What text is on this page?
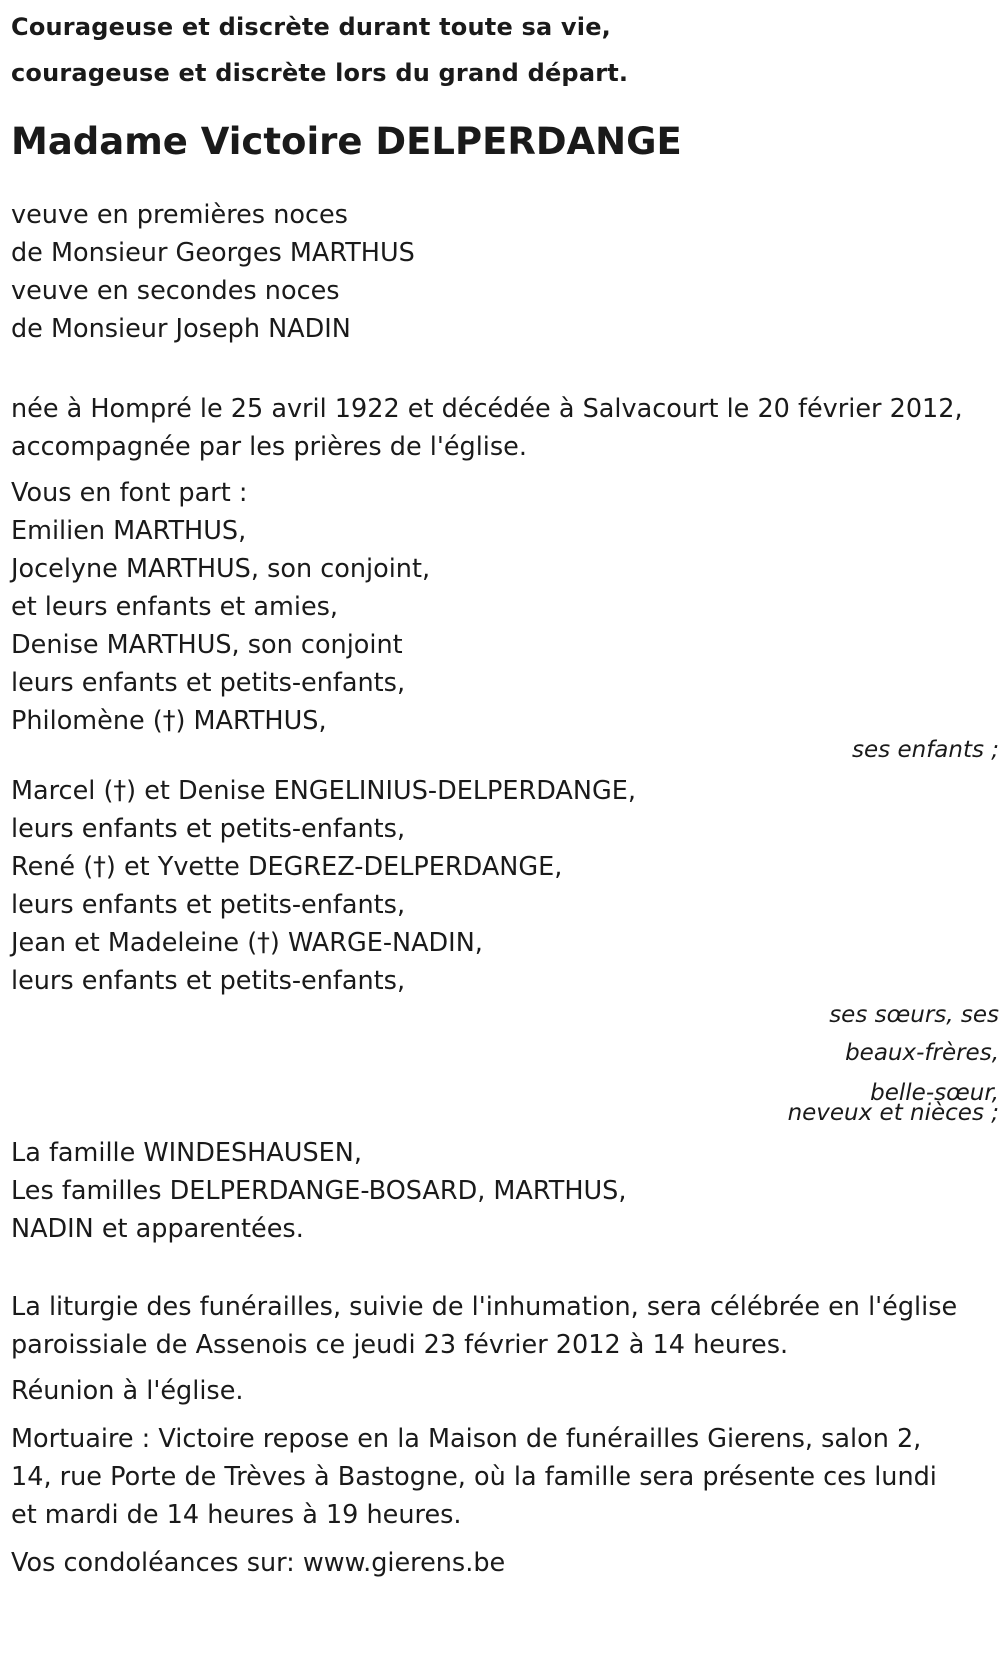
Courageuse et discrète durant toute sa vie,
courageuse et discrète lors du grand départ.
Madame Victoire DELPERDANGE
veuve en premières noces
de Monsieur Georges MARTHUS
veuve en secondes noces
de Monsieur Joseph NADIN
née à Hompré le 25 avril 1922 et décédée à Salvacourt le 20 février 2012,
accompagnée par les prières de l'église.
Vous en font part :
Emilien MARTHUS,
Jocelyne MARTHUS, son conjoint,
et leurs enfants et amies,
Denise MARTHUS, son conjoint
leurs enfants et petits-enfants,
Philomène (†) MARTHUS,
ses enfants ;
Marcel (†) et Denise ENGELINIUS-DELPERDANGE,
leurs enfants et petits-enfants,
René (†) et Yvette DEGREZ-DELPERDANGE,
leurs enfants et petits-enfants,
Jean et Madeleine (†) WARGE-NADIN,
leurs enfants et petits-enfants,
ses sœurs, ses
beaux-frères,
belle-sœur,
neveux et nièces ;
La famille WINDESHAUSEN,
Les familles DELPERDANGE-BOSARD, MARTHUS,
NADIN et apparentées.
La liturgie des funérailles, suivie de l'inhumation, sera célébrée en l'église
paroissiale de Assenois ce jeudi 23 février 2012 à 14 heures.
Réunion à l'église.
Mortuaire : Victoire repose en la Maison de funérailles Gierens, salon 2,
14, rue Porte de Trèves à Bastogne, où la famille sera présente ces lundi
et mardi de 14 heures à 19 heures.
Vos condoléances sur: www.gierens.be
